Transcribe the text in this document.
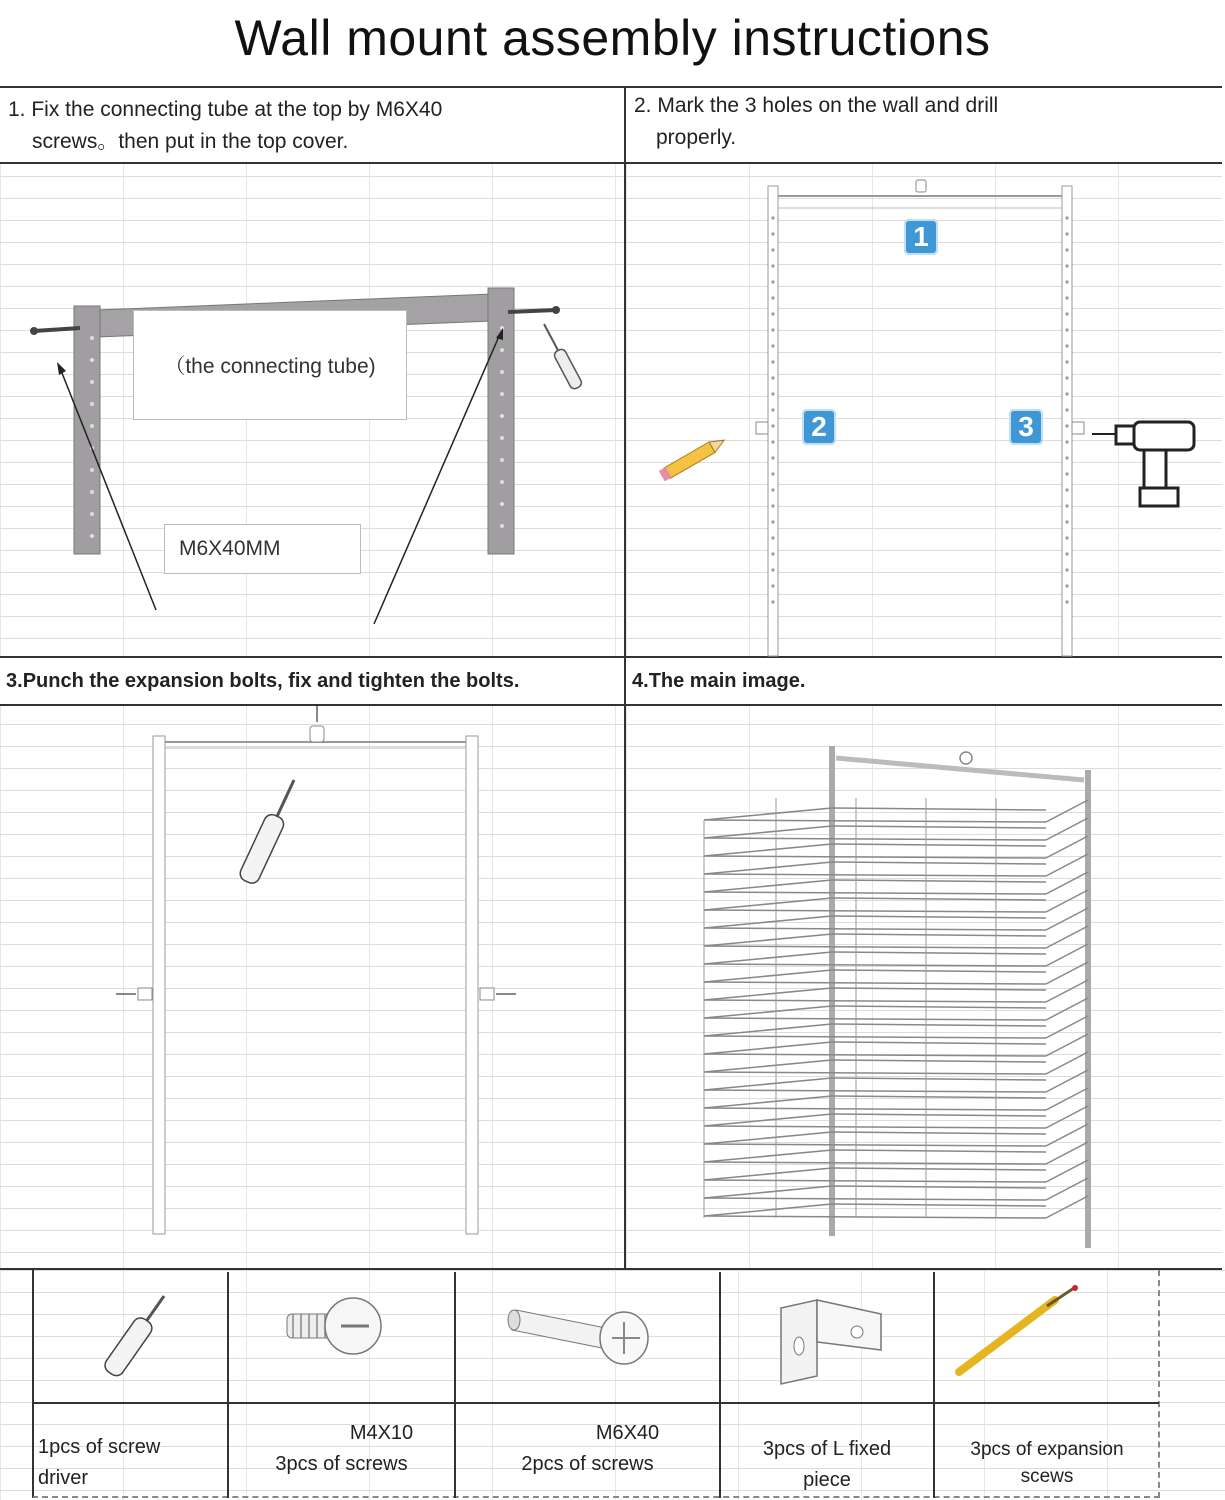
Wall mount assembly instructions
1. Fix the connecting tube at the top by M6X40
screws。then put in the top cover.
（the connecting tube)
M6X40MM
2. Mark the 3 holes on the wall and drill
properly.
1
2	3
3.Punch the expansion bolts, fix and tighten the bolts.	4.The main image.
1pcs of screw
driver
M4X10
3pcs of screws
M6X40
2pcs of screws
3pcs of L fixed
piece
3pcs of expansion
scews
